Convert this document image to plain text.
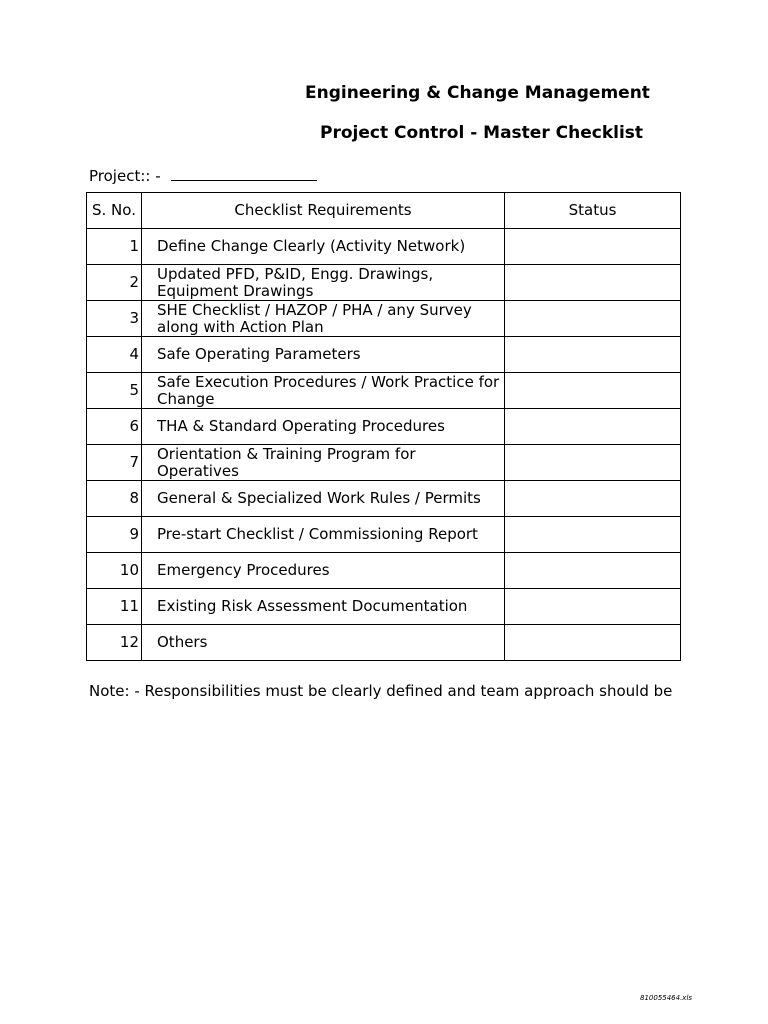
Engineering & Change Management
Project Control - Master Checklist
Project:: -
S. No.	Checklist Requirements	Status
1	Define Change Clearly (Activity Network)	
2	Updated PFD, P&ID, Engg. Drawings, Equipment Drawings	
3	SHE Checklist / HAZOP / PHA / any Survey along with Action Plan	
4	Safe Operating Parameters	
5	Safe Execution Procedures / Work Practice for Change	
6	THA & Standard Operating Procedures	
7	Orientation & Training Program for Operatives	
8	General & Specialized Work Rules / Permits	
9	Pre-start Checklist / Commissioning Report	
10	Emergency Procedures	
11	Existing Risk Assessment Documentation	
12	Others	
Note: - Responsibilities must be clearly defined and team approach should be
810055464.xls
